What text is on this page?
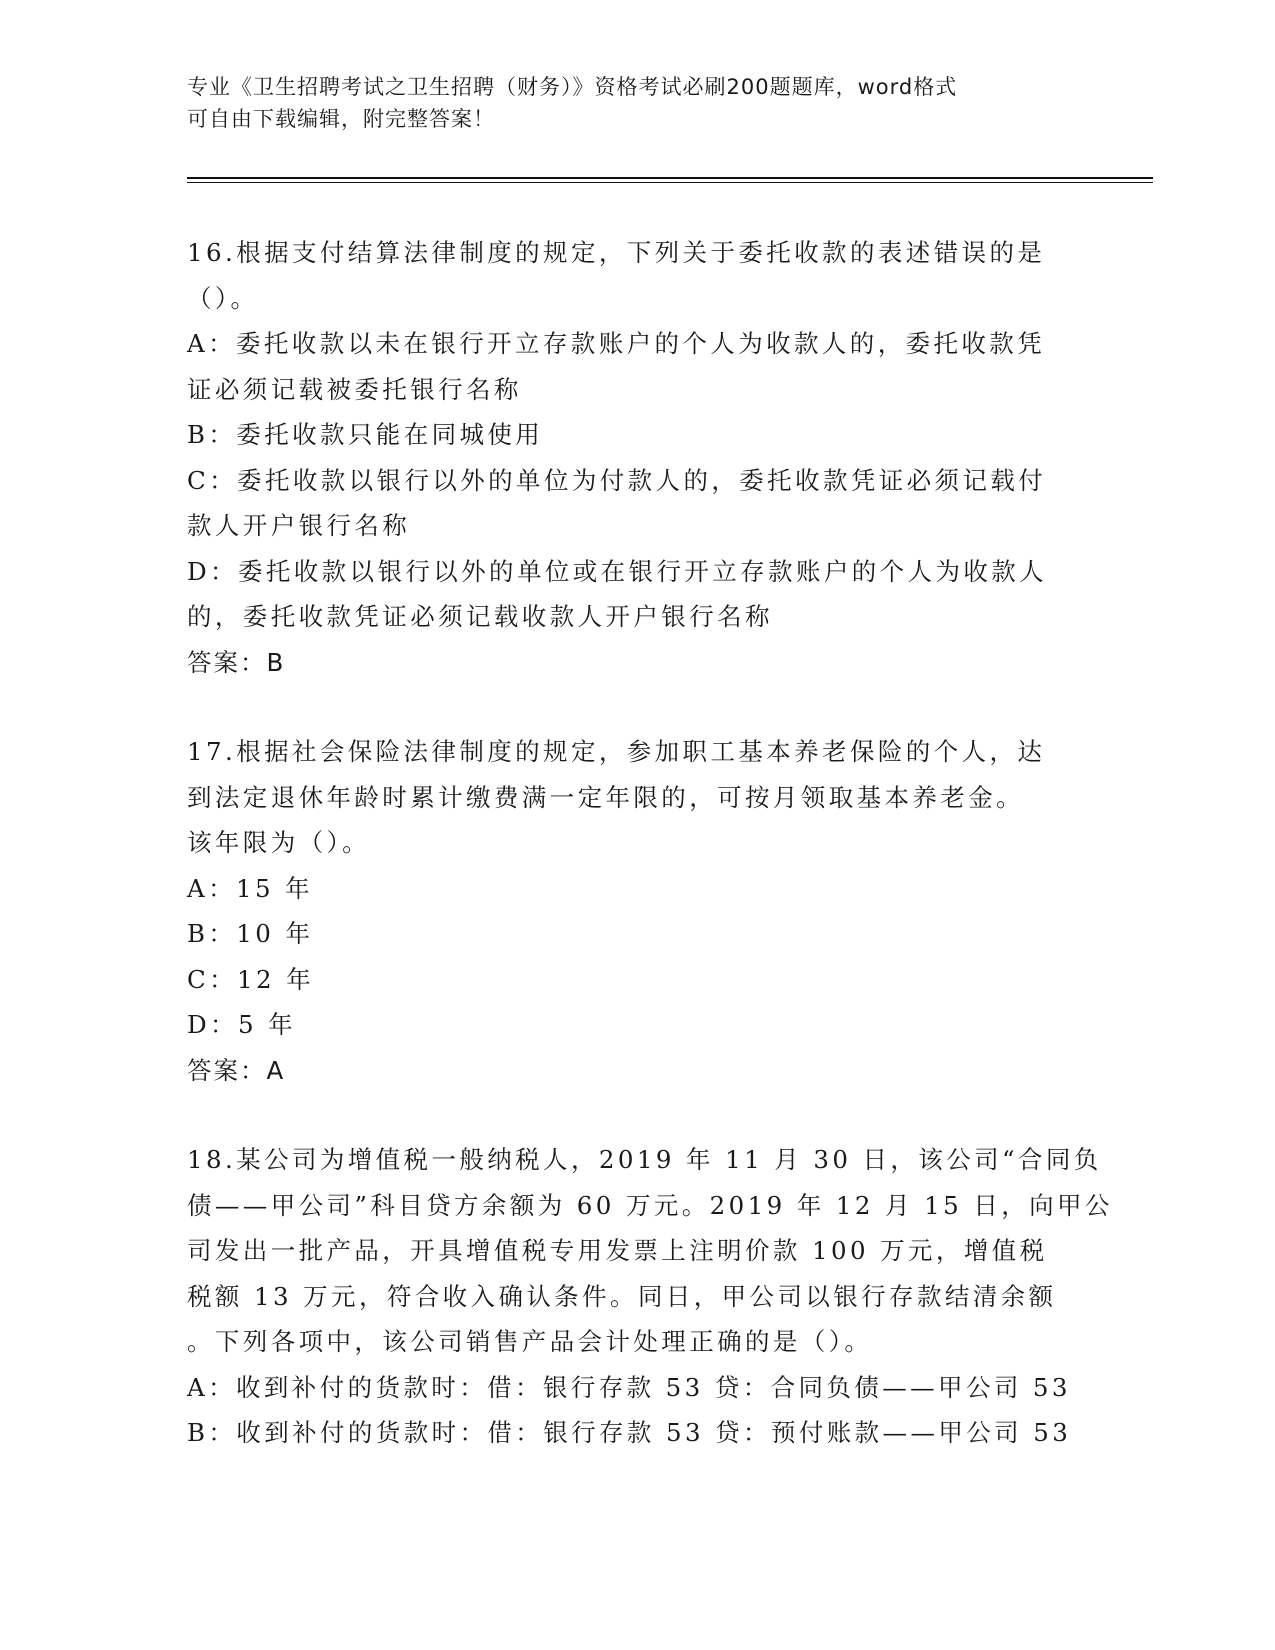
专业《卫生招聘考试之卫生招聘（财务）》资格考试必刷200题题库，word格式
可自由下载编辑，附完整答案！
16.根据支付结算法律制度的规定，下列关于委托收款的表述错误的是
（）。
A：委托收款以未在银行开立存款账户的个人为收款人的，委托收款凭
证必须记载被委托银行名称
B：委托收款只能在同城使用
C：委托收款以银行以外的单位为付款人的，委托收款凭证必须记载付
款人开户银行名称
D：委托收款以银行以外的单位或在银行开立存款账户的个人为收款人
的，委托收款凭证必须记载收款人开户银行名称
答案：B
17.根据社会保险法律制度的规定，参加职工基本养老保险的个人，达
到法定退休年龄时累计缴费满一定年限的，可按月领取基本养老金。
该年限为（）。
A：15 年
B：10 年
C：12 年
D：5 年
答案：A
18.某公司为增值税一般纳税人，2019 年 11 月 30 日，该公司“合同负
债——甲公司”科目贷方余额为 60 万元。2019 年 12 月 15 日，向甲公
司发出一批产品，开具增值税专用发票上注明价款 100 万元，增值税
税额 13 万元，符合收入确认条件。同日，甲公司以银行存款结清余额
。下列各项中，该公司销售产品会计处理正确的是（）。
A：收到补付的货款时：借：银行存款 53 贷：合同负债——甲公司 53
B：收到补付的货款时：借：银行存款 53 贷：预付账款——甲公司 53
